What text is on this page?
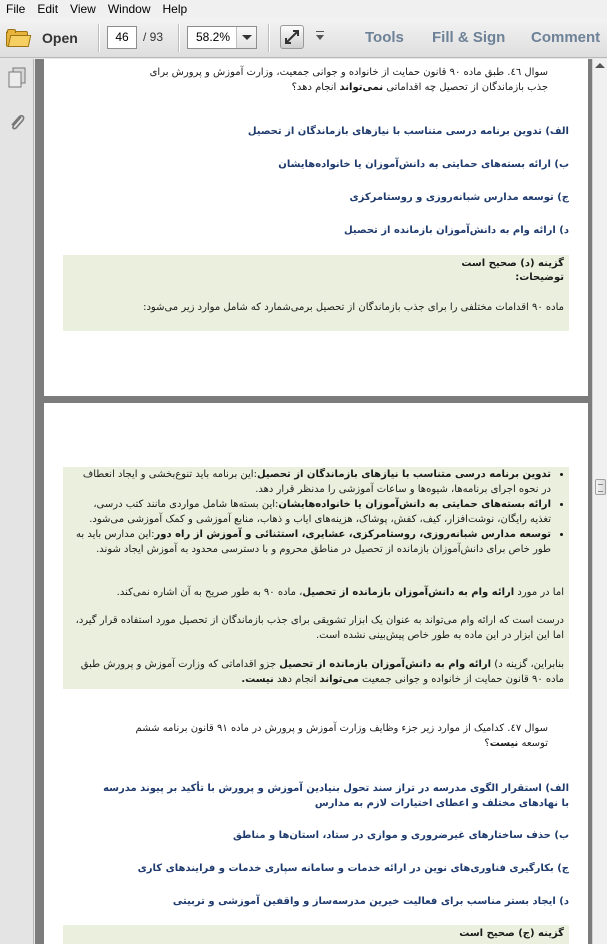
File	Edit	View	Window	Help
Open	46	/ 93	58.2%	Tools Fill & Sign Comment
سوال ٤٦. طبق ماده ۹۰ قانون حمایت از خانواده و جوانی جمعیت، وزارت آموزش و پرورش برای
جذب بازماندگان از تحصیل چه اقداماتی نمی‌تواند انجام دهد؟
الف) تدوین برنامه درسی متناسب با نیازهای بازماندگان از تحصیل
ب) ارائه بسته‌های حمایتی به دانش‌آموزان یا خانواده‌هایشان
ج) توسعه مدارس شبانه‌روزی و روستامرکزی
د) ارائه وام به دانش‌آموزان بازمانده از تحصیل
گزینه (د) صحیح است
توضیحات:
ماده ۹۰ اقدامات مختلفی را برای جذب بازماندگان از تحصیل برمی‌شمارد که شامل موارد زیر می‌شود:
• تدوین برنامه درسی متناسب با نیازهای بازماندگان از تحصیل:این برنامه باید تنوع‌بخشی و ایجاد انعطاف در نحوه اجرای برنامه‌ها، شیوه‌ها و ساعات آموزشی را مدنظر قرار دهد.
• ارائه بسته‌های حمایتی به دانش‌آموزان یا خانواده‌هایشان:این بسته‌ها شامل مواردی مانند کتب درسی، تغذیه رایگان، نوشت‌افزار، کیف، کفش، پوشاک، هزینه‌های ایاب و ذهاب، منابع آموزشی و کمک آموزشی می‌شود.
• توسعه مدارس شبانه‌روزی، روستامرکزی، عشایری، استثنائی و آموزش از راه دور:این مدارس باید به طور خاص برای دانش‌آموزان بازمانده از تحصیل در مناطق محروم و با دسترسی محدود به آموزش ایجاد شوند.
اما در مورد ارائه وام به دانش‌آموزان بازمانده از تحصیل، ماده ۹۰ به طور صریح به آن اشاره نمی‌کند.
درست است که ارائه وام می‌تواند به عنوان یک ابزار تشویقی برای جذب بازماندگان از تحصیل مورد استفاده قرار گیرد، اما این ابزار در این ماده به طور خاص پیش‌بینی نشده است.
بنابراین، گزینه د) ارائه وام به دانش‌آموزان بازمانده از تحصیل جزو اقداماتی که وزارت آموزش و پرورش طبق ماده ۹۰ قانون حمایت از خانواده و جوانی جمعیت می‌تواند انجام دهد نیست.
سوال ٤٧. کدامیک از موارد زیر جزء وظایف وزارت آموزش و پرورش در ماده ۹۱ قانون برنامه ششم
توسعه نیست؟
الف) استقرار الگوی مدرسه در تراز سند تحول بنیادین آموزش و پرورش با تأکید بر پیوند مدرسه با نهادهای مختلف و اعطای اختیارات لازم به مدارس
ب) حذف ساختارهای غیرضروری و موازی در ستاد، استان‌ها و مناطق
ج) بکارگیری فناوری‌های نوین در ارائه خدمات و سامانه سپاری خدمات و فرایندهای کاری
د) ایجاد بستر مناسب برای فعالیت خیرین مدرسه‌ساز و واقفین آموزشی و تربیتی
گزینه (ج) صحیح است
